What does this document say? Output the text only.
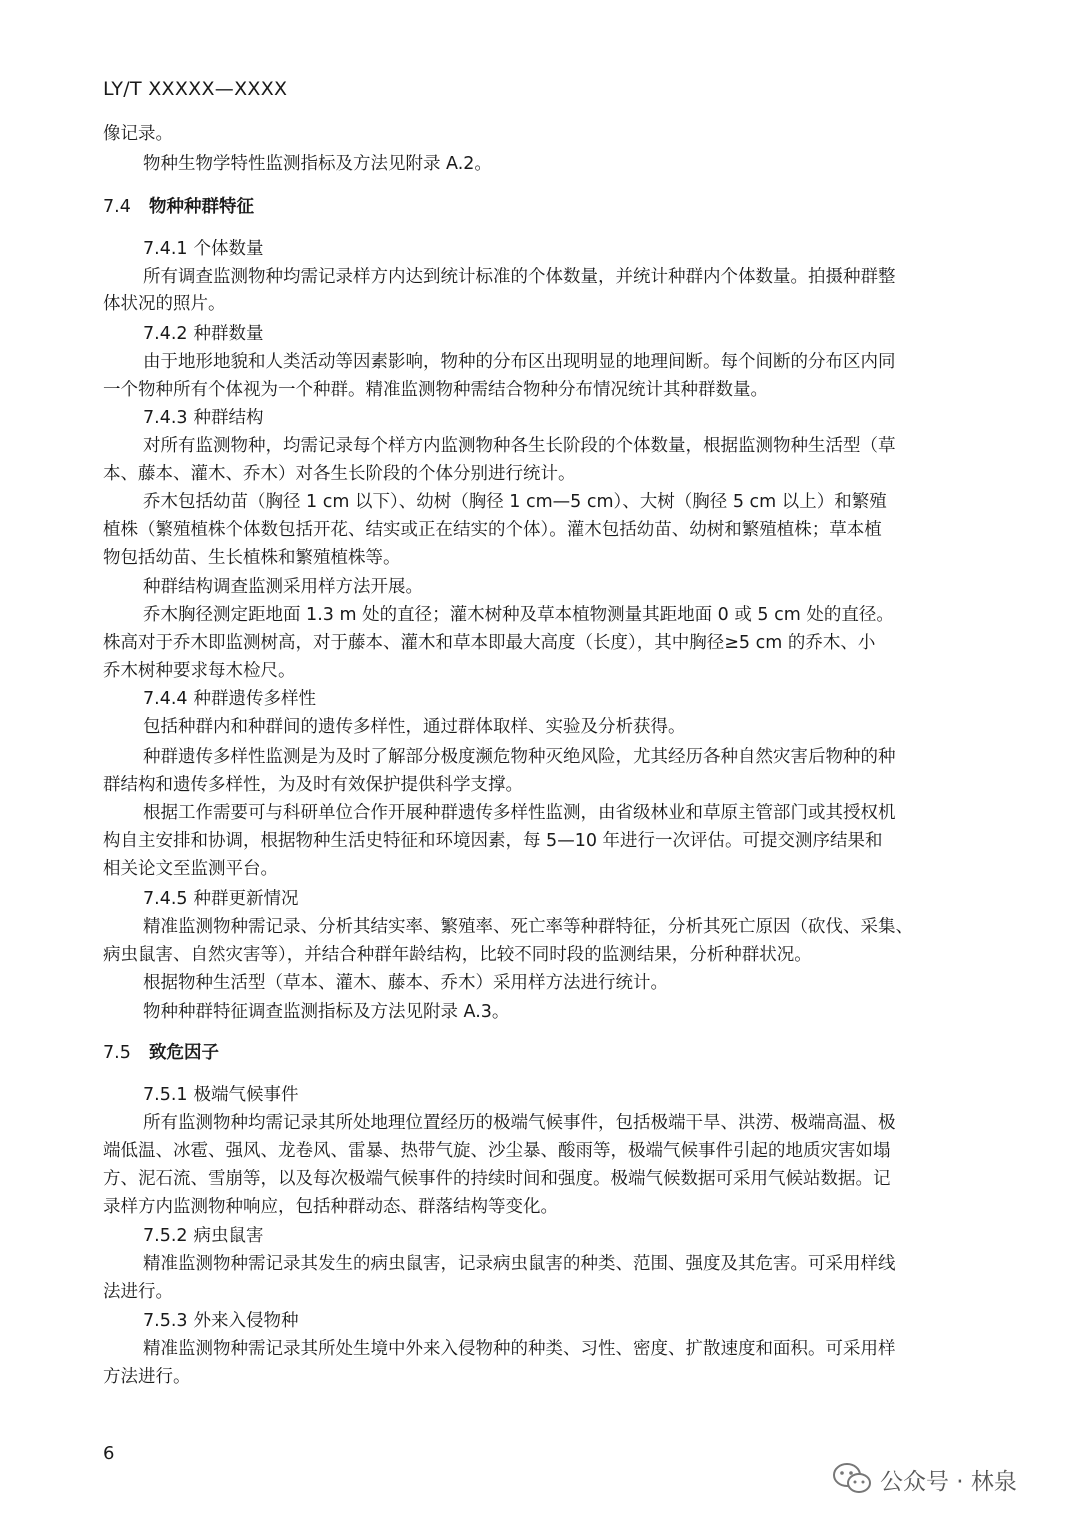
LY/T XXXXX—XXXX
像记录。
物种生物学特性监测指标及方法见附录 A.2。
7.4 物种种群特征
7.4.1 个体数量
所有调查监测物种均需记录样方内达到统计标准的个体数量，并统计种群内个体数量。拍摄种群整
体状况的照片。
7.4.2 种群数量
由于地形地貌和人类活动等因素影响，物种的分布区出现明显的地理间断。每个间断的分布区内同
一个物种所有个体视为一个种群。精准监测物种需结合物种分布情况统计其种群数量。
7.4.3 种群结构
对所有监测物种，均需记录每个样方内监测物种各生长阶段的个体数量，根据监测物种生活型（草
本、藤本、灌木、乔木）对各生长阶段的个体分别进行统计。
乔木包括幼苗（胸径 1 cm 以下）、幼树（胸径 1 cm—5 cm）、大树（胸径 5 cm 以上）和繁殖
植株（繁殖植株个体数包括开花、结实或正在结实的个体）。灌木包括幼苗、幼树和繁殖植株；草本植
物包括幼苗、生长植株和繁殖植株等。
种群结构调查监测采用样方法开展。
乔木胸径测定距地面 1.3 m 处的直径；灌木树种及草本植物测量其距地面 0 或 5 cm 处的直径。
株高对于乔木即监测树高，对于藤本、灌木和草本即最大高度（长度），其中胸径≥5 cm 的乔木、小
乔木树种要求每木检尺。
7.4.4 种群遗传多样性
包括种群内和种群间的遗传多样性，通过群体取样、实验及分析获得。
种群遗传多样性监测是为及时了解部分极度濒危物种灭绝风险，尤其经历各种自然灾害后物种的种
群结构和遗传多样性，为及时有效保护提供科学支撑。
根据工作需要可与科研单位合作开展种群遗传多样性监测，由省级林业和草原主管部门或其授权机
构自主安排和协调，根据物种生活史特征和环境因素，每 5—10 年进行一次评估。可提交测序结果和
相关论文至监测平台。
7.4.5 种群更新情况
精准监测物种需记录、分析其结实率、繁殖率、死亡率等种群特征，分析其死亡原因（砍伐、采集、
病虫鼠害、自然灾害等），并结合种群年龄结构，比较不同时段的监测结果，分析种群状况。
根据物种生活型（草本、灌木、藤本、乔木）采用样方法进行统计。
物种种群特征调查监测指标及方法见附录 A.3。
7.5 致危因子
7.5.1 极端气候事件
所有监测物种均需记录其所处地理位置经历的极端气候事件，包括极端干旱、洪涝、极端高温、极
端低温、冰雹、强风、龙卷风、雷暴、热带气旋、沙尘暴、酸雨等，极端气候事件引起的地质灾害如塌
方、泥石流、雪崩等，以及每次极端气候事件的持续时间和强度。极端气候数据可采用气候站数据。记
录样方内监测物种响应，包括种群动态、群落结构等变化。
7.5.2 病虫鼠害
精准监测物种需记录其发生的病虫鼠害，记录病虫鼠害的种类、范围、强度及其危害。可采用样线
法进行。
7.5.3 外来入侵物种
精准监测物种需记录其所处生境中外来入侵物种的种类、习性、密度、扩散速度和面积。可采用样
方法进行。
6
公众号 · 林泉
